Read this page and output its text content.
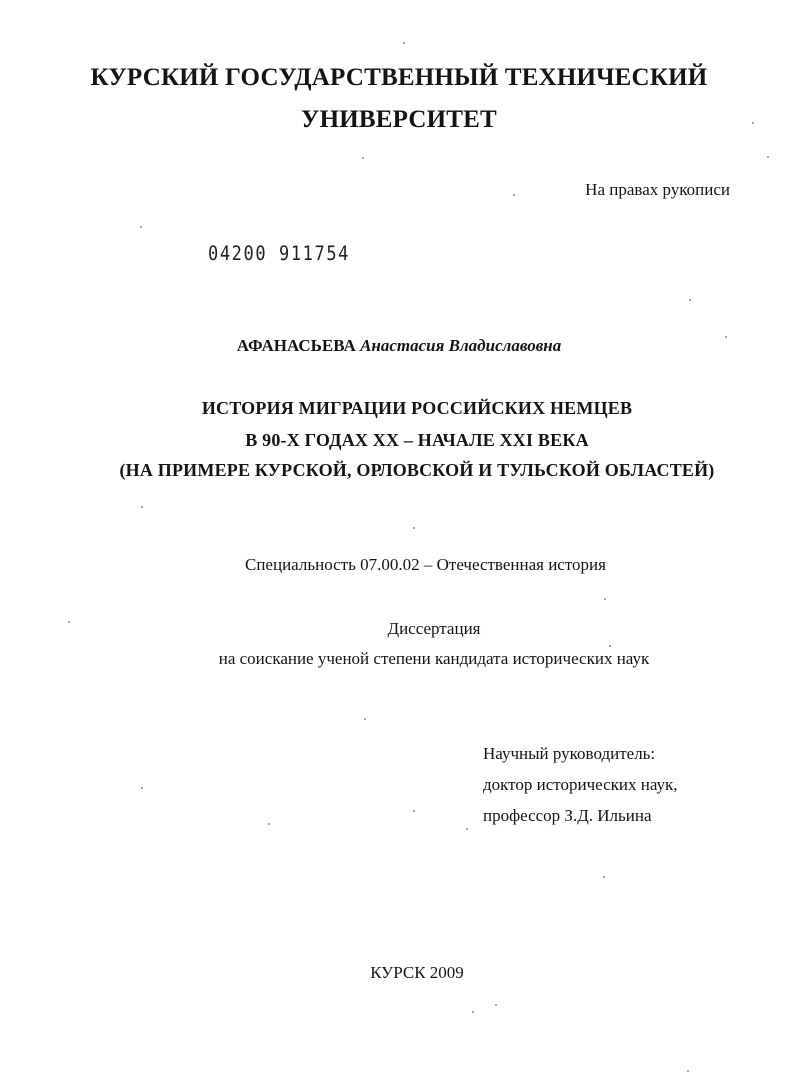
КУРСКИЙ ГОСУДАРСТВЕННЫЙ ТЕХНИЧЕСКИЙ
УНИВЕРСИТЕТ
На правах рукописи
04200 911754
АФАНАСЬЕВА Анастасия Владиславовна
ИСТОРИЯ МИГРАЦИИ РОССИЙСКИХ НЕМЦЕВ
В 90-Х ГОДАХ XX – НАЧАЛЕ XXI ВЕКА
(НА ПРИМЕРЕ КУРСКОЙ, ОРЛОВСКОЙ И ТУЛЬСКОЙ ОБЛАСТЕЙ)
Специальность 07.00.02 – Отечественная история
Диссертация
на соискание ученой степени кандидата исторических наук
Научный руководитель:
доктор исторических наук,
профессор З.Д. Ильина
КУРСК 2009
